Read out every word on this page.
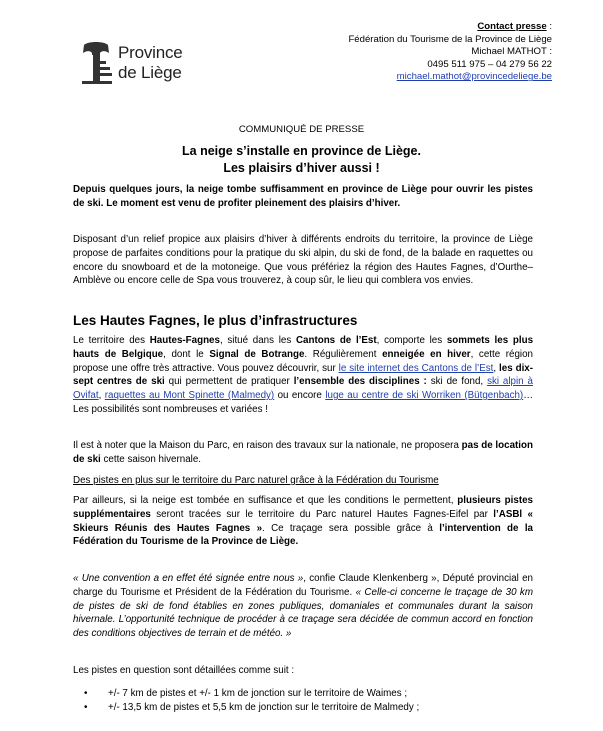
Province
de Liège
Contact presse :
Fédération du Tourisme de la Province de Liège
Michael MATHOT :
0495 511 975 – 04 279 56 22
michael.mathot@provincedeliege.be
COMMUNIQUÉ DE PRESSE
La neige s’installe en province de Liège.
Les plaisirs d’hiver aussi !

Depuis quelques jours, la neige tombe suffisamment en province de Liège pour ouvrir les pistes de ski. Le moment est venu de profiter pleinement des plaisirs d’hiver.

Disposant d’un relief propice aux plaisirs d’hiver à différents endroits du territoire, la province de Liège propose de parfaites conditions pour la pratique du ski alpin, du ski de fond, de la balade en raquettes ou encore du snowboard et de la motoneige. Que vous préfériez la région des Hautes Fagnes, d’Ourthe–Amblève ou encore celle de Spa vous trouverez, à coup sûr, le lieu qui comblera vos envies.

Les Hautes Fagnes, le plus d’infrastructures

Le territoire des Hautes-Fagnes, situé dans les Cantons de l’Est, comporte les sommets les plus hauts de Belgique, dont le Signal de Botrange. Régulièrement enneigée en hiver, cette région propose une offre très attractive. Vous pouvez découvrir, sur le site internet des Cantons de l’Est, les dix-sept centres de ski qui permettent de pratiquer l’ensemble des disciplines : ski de fond, ski alpin à Ovifat, raquettes au Mont Spinette (Malmedy) ou encore luge au centre de ski Worriken (Bütgenbach)… Les possibilités sont nombreuses et variées !

Il est à noter que la Maison du Parc, en raison des travaux sur la nationale, ne proposera pas de location de ski cette saison hivernale.

Des pistes en plus sur le territoire du Parc naturel grâce à la Fédération du Tourisme

Par ailleurs, si la neige est tombée en suffisance et que les conditions le permettent, plusieurs pistes supplémentaires seront tracées sur le territoire du Parc naturel Hautes Fagnes-Eifel par l’ASBl « Skieurs Réunis des Hautes Fagnes ». Ce traçage sera possible grâce à l’intervention de la Fédération du Tourisme de la Province de Liège.

« Une convention a en effet été signée entre nous », confie Claude Klenkenberg », Député provincial en charge du Tourisme et Président de la Fédération du Tourisme. « Celle-ci concerne le traçage de 30 km de pistes de ski de fond établies en zones publiques, domaniales et communales durant la saison hivernale. L’opportunité technique de procéder à ce traçage sera décidée de commun accord en fonction des conditions objectives de terrain et de météo. »

Les pistes en question sont détaillées comme suit :

•	+/- 7 km de pistes et +/- 1 km de jonction sur le territoire de Waimes ;
•	+/- 13,5 km de pistes et 5,5 km de jonction sur le territoire de Malmedy ;
